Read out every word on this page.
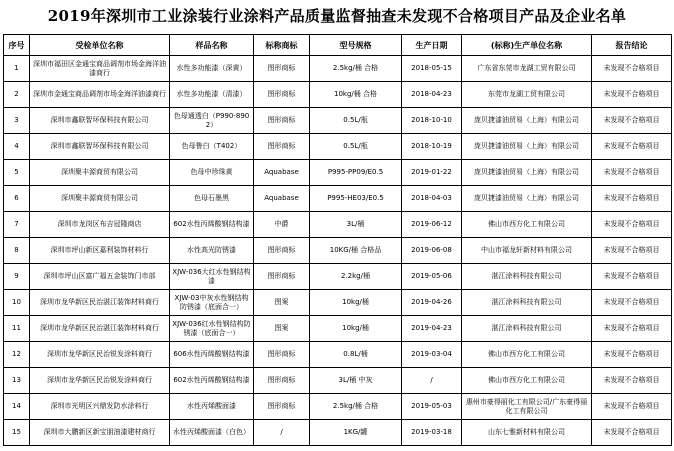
2019年深圳市工业涂装行业涂料产品质量监督抽查未发现不合格项目产品及企业名单
序号	受检单位名称	样品名称	标称商标	型号规格	生产日期	(标称)生产单位名称	报告结论
1	深圳市福田区金通宝商品调剂市场金海洋油漆商行	水性多功能漆（深黄）	图形商标	2.5kg/桶 合格	2018-05-15	广东省东莞市龙湖工贸有限公司	未发现不合格项目
2	深圳市金通宝商品调剂市场金海洋油漆商行	水性多功能漆（清漆）	图形商标	10kg/桶 合格	2018-04-23	东莞市龙湖工贸有限公司	未发现不合格项目
3	深圳市鑫联智环保科技有限公司	色母通透白（P990-8902）	图形商标	0.5L/瓶	2018-10-10	庞贝捷漆油贸易（上海）有限公司	未发现不合格项目
4	深圳市鑫联智环保科技有限公司	色母鲁白（T402）	图形商标	0.5L/瓶	2018-10-19	庞贝捷漆油贸易（上海）有限公司	未发现不合格项目
5	深圳聚丰源商贸有限公司	色母中珍珠黄	Aquabase	P995-PP09/E0.5	2019-01-22	庞贝捷漆油贸易（上海）有限公司	未发现不合格项目
6	深圳聚丰源商贸有限公司	色母石墨黑	Aquabase	P995-HE03/E0.5	2018-04-03	庞贝捷漆油贸易（上海）有限公司	未发现不合格项目
7	深圳市龙岗区布吉冠隆商店	602水性丙烯酸钢结构漆	中爵	3L/桶	2019-06-12	佛山市西方化工有限公司	未发现不合格项目
8	深圳市坪山新区嘉利装饰材料行	水性高光防锈漆	图形商标	10KG/桶 合格品	2019-06-08	中山市福龙轩新材料有限公司	未发现不合格项目
9	深圳市坪山区富广福五金装饰门市部	XJW-036大红水性钢结构漆	图形商标	2.2kg/桶	2019-05-06	湛江涂料科技有限公司	未发现不合格项目
10	深圳市龙华新区民治湛江装饰材料商行	XJW-03中灰水性钢结构防锈漆（底面合一）	图案	10kg/桶	2019-04-26	湛江涂料科技有限公司	未发现不合格项目
11	深圳市龙华新区民治湛江装饰材料商行	XJW-036红水性钢结构防锈漆（底面合一）	图案	10kg/桶	2019-04-23	湛江涂料科技有限公司	未发现不合格项目
12	深圳市龙华新区民治锐发涂料商行	606水性丙烯酸钢结构漆	图形商标	0.8L/桶	2019-03-04	佛山市西方化工有限公司	未发现不合格项目
13	深圳市龙华新区民治锐发涂料商行	602水性丙烯酸钢结构漆	图形商标	3L/桶 中灰	/	佛山市西方化工有限公司	未发现不合格项目
14	深圳市光明区兴鼎发防水涂料行	水性丙烯酸面漆	图形商标	2.5kg/桶 合格	2019-05-03	惠州市豪得丽化工有限公司/广东豪得丽化工有限公司	未发现不合格项目
15	深圳市大鹏新区新宝朋油漆建材商行	水性丙烯酸面漆（白色）	/	1KG/罐	2019-03-18	山东七雅新材料有限公司	未发现不合格项目
